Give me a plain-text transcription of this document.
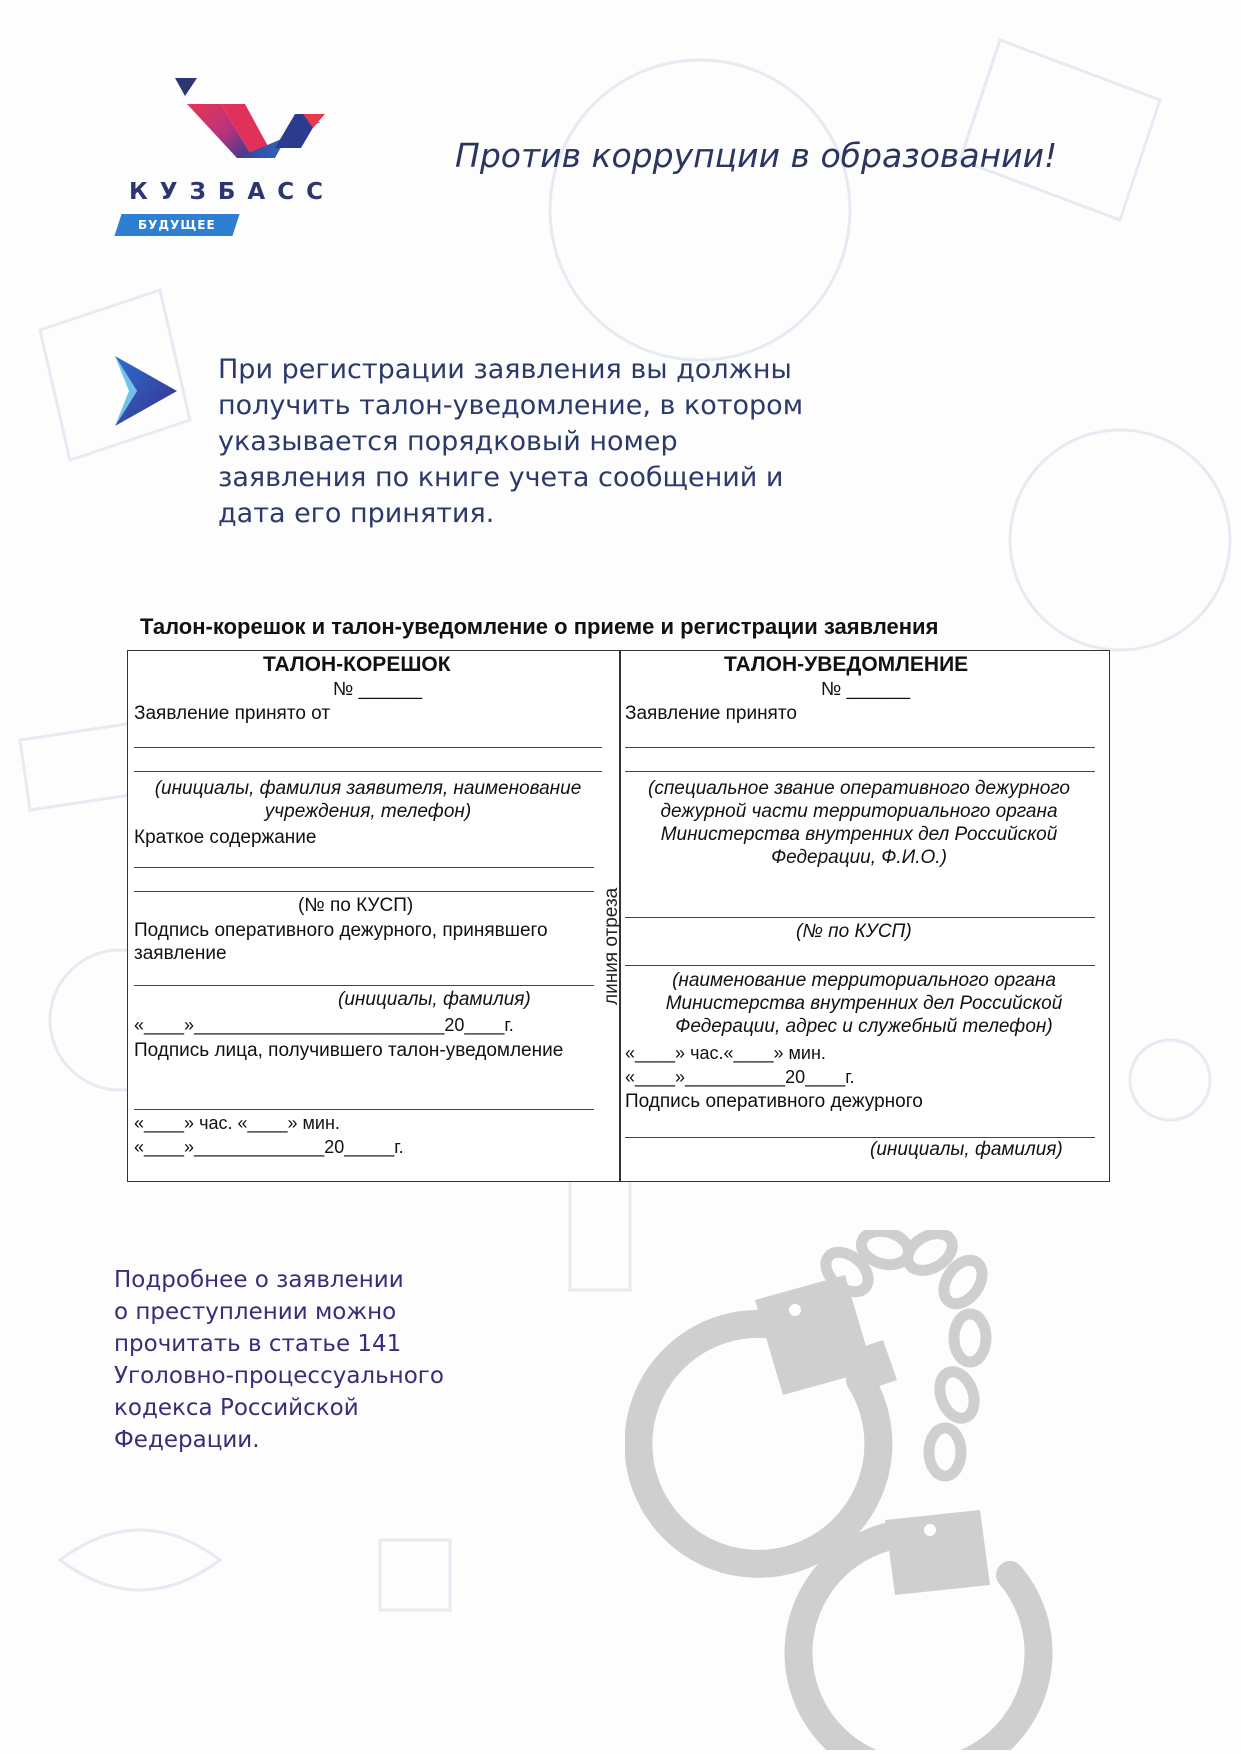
КУЗБАСС
БУДУЩЕЕ
Против коррупции в образовании!
При регистрации заявления вы должны
получить талон-уведомление, в котором
указывается порядковый номер
заявления по книге учета сообщений и
дата его принятия.
Талон-корешок и талон-уведомление о приеме и регистрации заявления
ТАЛОН-КОРЕШОК
№ ______
Заявление принято от
(инициалы, фамилия заявителя, наименование учреждения, телефон)
Краткое содержание
(№ по КУСП)
Подпись оперативного дежурного, принявшего заявление
(инициалы, фамилия)
«____»_________________________20____г.
Подпись лица, получившего талон-уведомление
«____» час. «____» мин.
«____»_____________20_____г.
ТАЛОН-УВЕДОМЛЕНИЕ
№ ______
Заявление принято
(специальное звание оперативного дежурного дежурной части территориального органа Министерства внутренних дел Российской Федерации, Ф.И.О.)
(№ по КУСП)
(наименование территориального органа Министерства внутренних дел Российской Федерации, адрес и служебный телефон)
«____» час.«____» мин.
«____»__________20____г.
Подпись оперативного дежурного
(инициалы, фамилия)
линия отреза
Подробнее о заявлении
о преступлении можно
прочитать в статье 141
Уголовно-процессуального
кодекса Российской
Федерации.
